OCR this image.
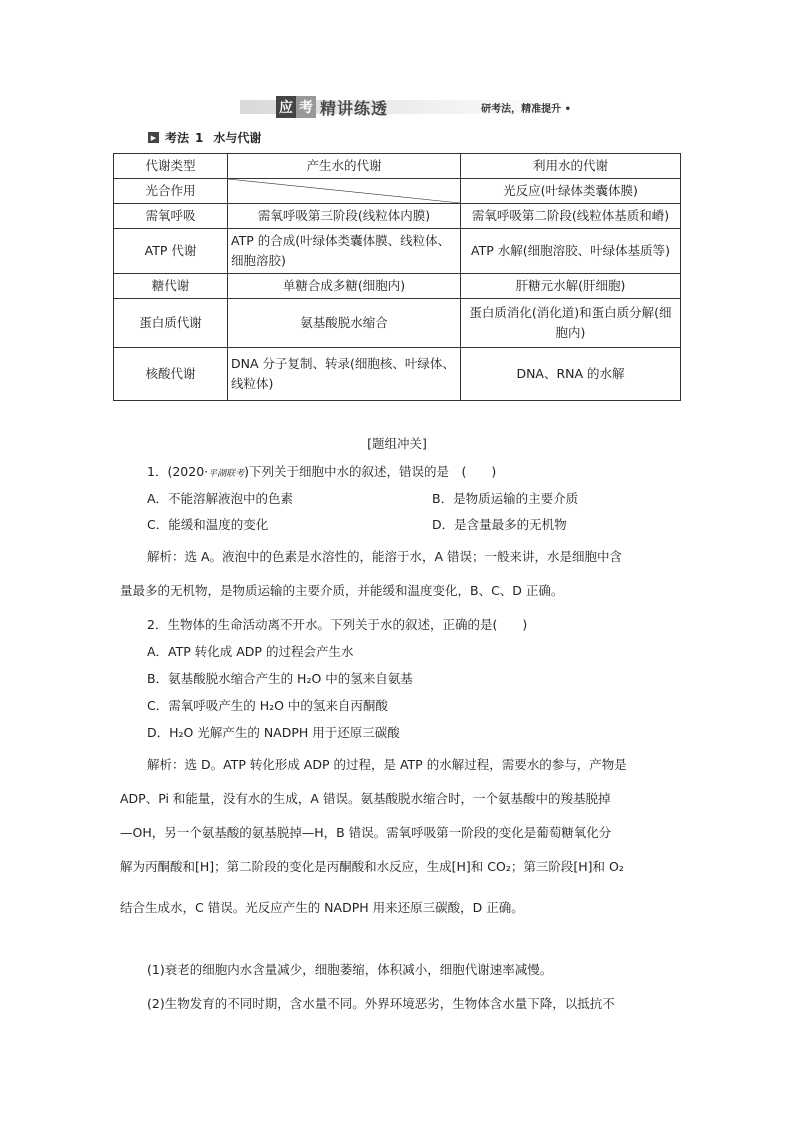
应 考 精讲练透	研考法，精准提升 •
▶ 考法 1 水与代谢
代谢类型	产生水的代谢	利用水的代谢
光合作用		光反应(叶绿体类囊体膜)
需氧呼吸	需氧呼吸第三阶段(线粒体内膜)	需氧呼吸第二阶段(线粒体基质和嵴)
ATP 代谢	ATP 的合成(叶绿体类囊体膜、线粒体、细胞溶胶)	ATP 水解(细胞溶胶、叶绿体基质等)
糖代谢	单糖合成多糖(细胞内)	肝糖元水解(肝细胞)
蛋白质代谢	氨基酸脱水缩合	蛋白质消化(消化道)和蛋白质分解(细胞内)
核酸代谢	DNA 分子复制、转录(细胞核、叶绿体、线粒体)	DNA、RNA 的水解
[题组冲关]
1．(2020·平湖联考)下列关于细胞中水的叙述，错误的是　(　　)
A．不能溶解液泡中的色素	B．是物质运输的主要介质
C．能缓和温度的变化	D．是含量最多的无机物
解析：选 A。液泡中的色素是水溶性的，能溶于水，A 错误；一般来讲，水是细胞中含
量最多的无机物，是物质运输的主要介质，并能缓和温度变化，B、C、D 正确。
2．生物体的生命活动离不开水。下列关于水的叙述，正确的是(　　)
A．ATP 转化成 ADP 的过程会产生水
B．氨基酸脱水缩合产生的 H₂O 中的氢来自氨基
C．需氧呼吸产生的 H₂O 中的氢来自丙酮酸
D．H₂O 光解产生的 NADPH 用于还原三碳酸
解析：选 D。ATP 转化形成 ADP 的过程，是 ATP 的水解过程，需要水的参与，产物是
ADP、Pi 和能量，没有水的生成，A 错误。氨基酸脱水缩合时，一个氨基酸中的羧基脱掉
—OH，另一个氨基酸的氨基脱掉—H，B 错误。需氧呼吸第一阶段的变化是葡萄糖氧化分
解为丙酮酸和[H]；第二阶段的变化是丙酮酸和水反应，生成[H]和 CO₂；第三阶段[H]和 O₂
结合生成水，C 错误。光反应产生的 NADPH 用来还原三碳酸，D 正确。
(1)衰老的细胞内水含量减少，细胞萎缩，体积减小，细胞代谢速率减慢。
(2)生物发育的不同时期，含水量不同。外界环境恶劣，生物体含水量下降，以抵抗不
